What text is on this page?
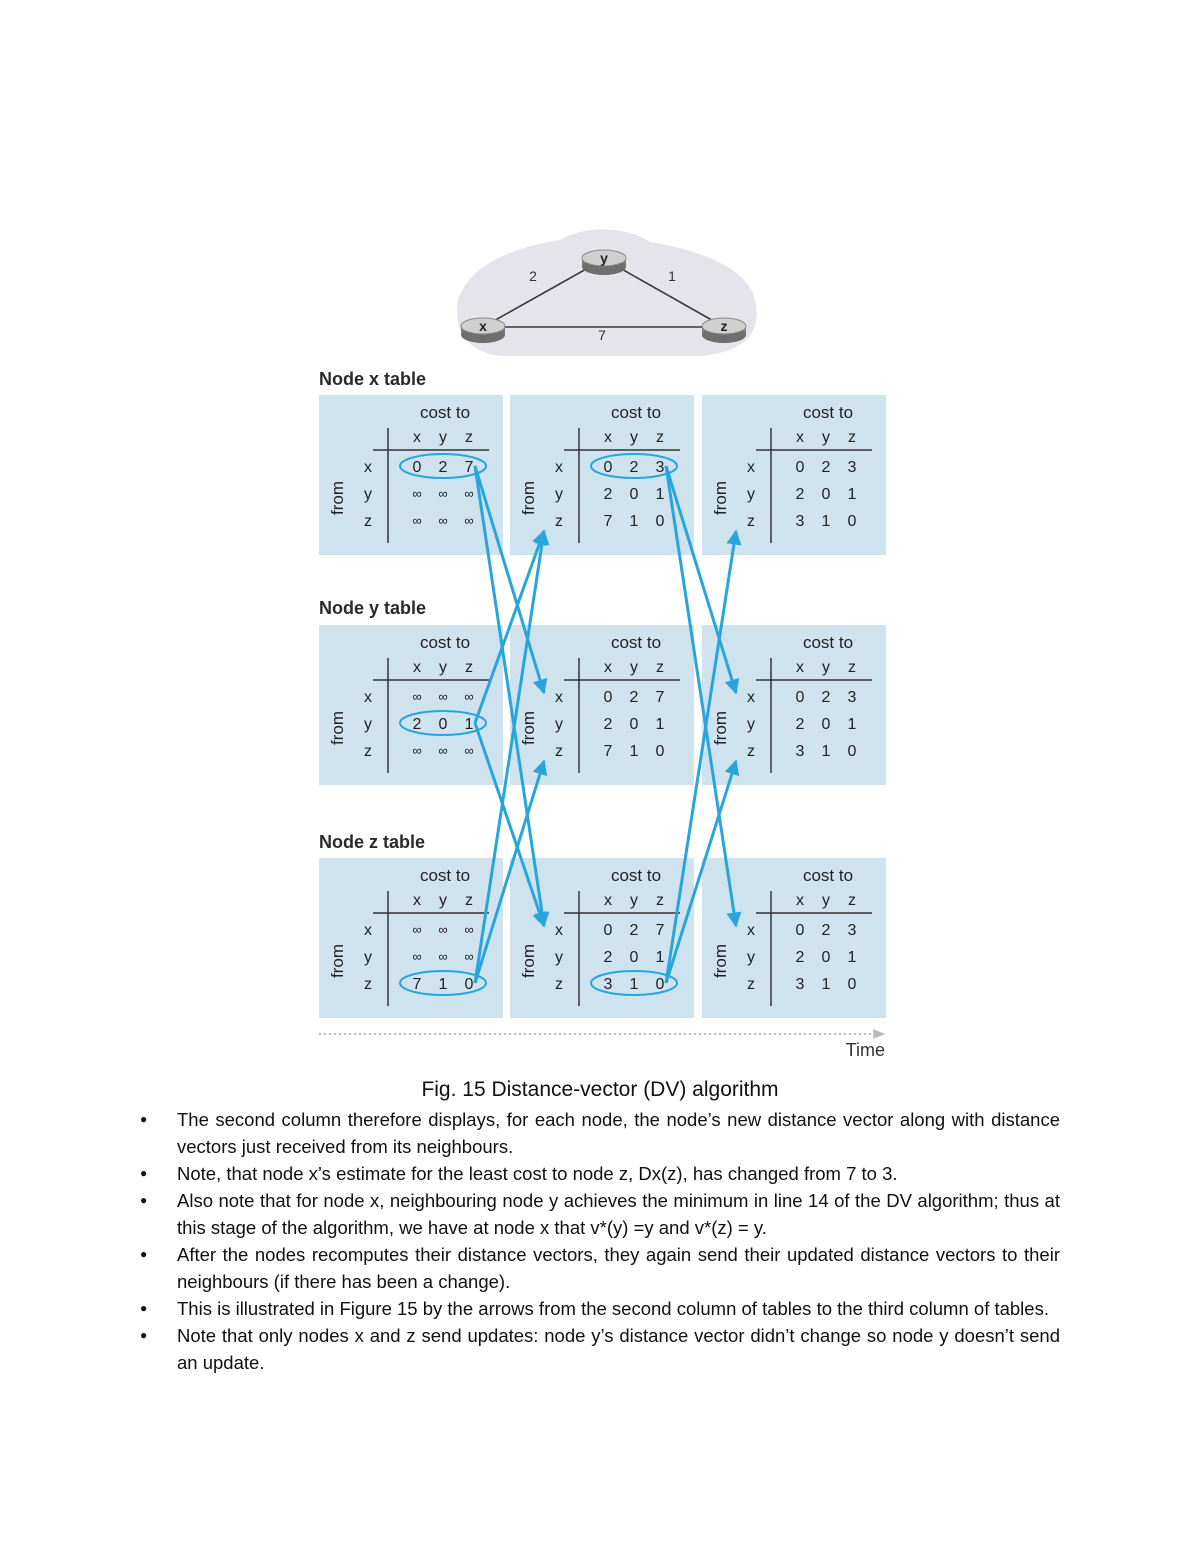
2	1
7
x
y
z
Node x table
Node y table
Node z table
cost to
x y z
x
y
z
from
0 2 7
∞ ∞ ∞
∞ ∞ ∞
cost to
x y z
x
y
z
from
0 2 3
2 0 1
7 1 0
cost to
x y z
x
y
z
from
0 2 3
2 0 1
3 1 0
cost to
x y z
x
y
z
from
∞ ∞ ∞
2 0 1
∞ ∞ ∞
cost to
x y z
x
y
z
from
0 2 7
2 0 1
7 1 0
cost to
x y z
x
y
z
from
0 2 3
2 0 1
3 1 0
cost to
x y z
x
y
z
from
∞ ∞ ∞
∞ ∞ ∞
7 1 0
cost to
x y z
x
y
z
from
0 2 7
2 0 1
3 1 0
cost to
x y z
x
y
z
from
0 2 3
2 0 1
3 1 0
Time
Fig. 15 Distance-vector (DV) algorithm
● The second column therefore displays, for each node, the node’s new distance vector along with distance vectors just received from its neighbours.
● Note, that node x’s estimate for the least cost to node z, Dx(z), has changed from 7 to 3.
● Also note that for node x, neighbouring node y achieves the minimum in line 14 of the DV algorithm; thus at this stage of the algorithm, we have at node x that v*(y) =y and v*(z) = y.
● After the nodes recomputes their distance vectors, they again send their updated distance vectors to their neighbours (if there has been a change).
● This is illustrated in Figure 15 by the arrows from the second column of tables to the third column of tables.
● Note that only nodes x and z send updates: node y’s distance vector didn’t change so node y doesn’t send an update.
